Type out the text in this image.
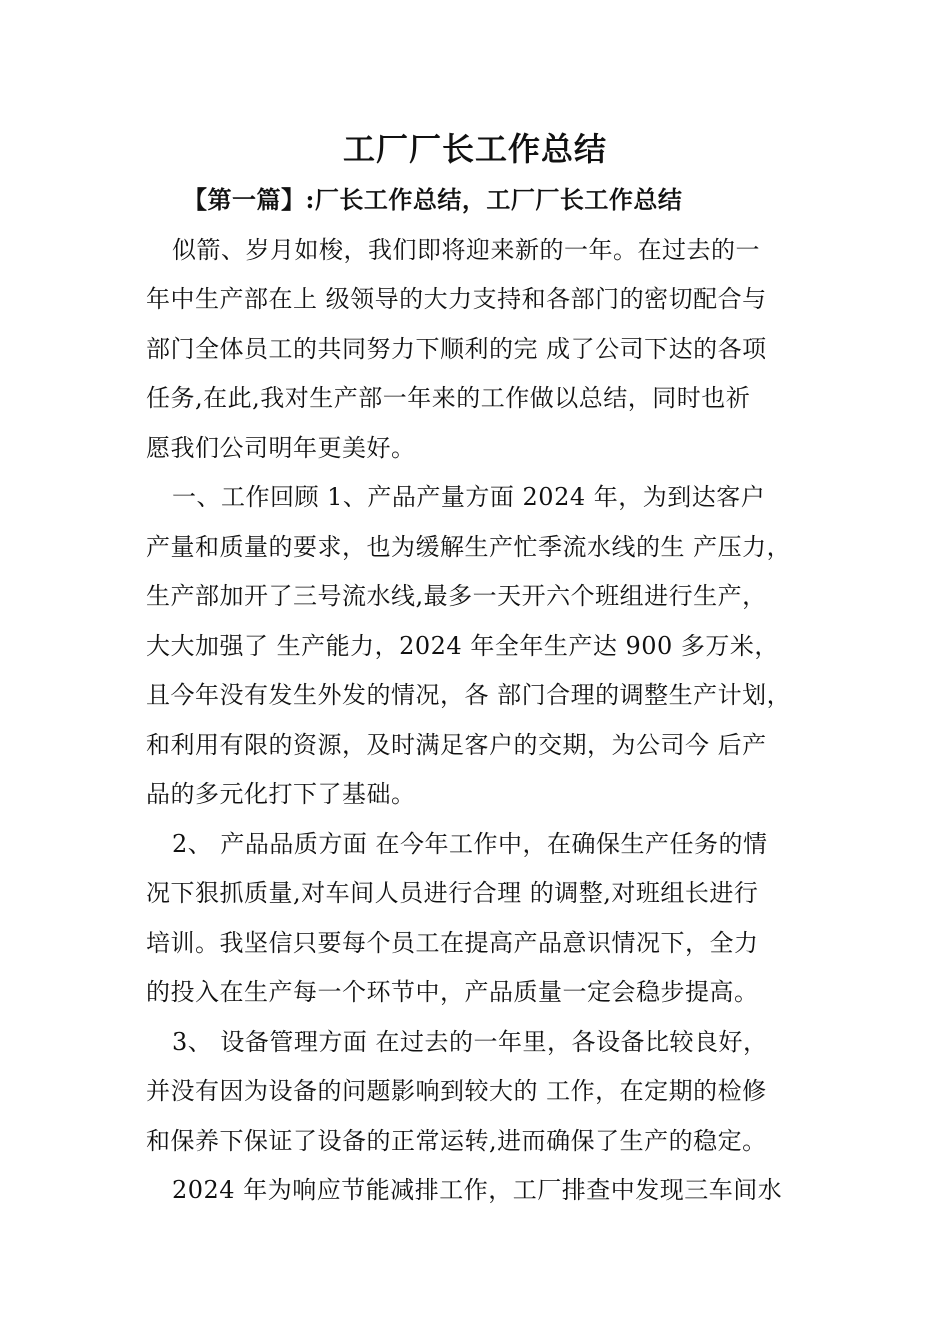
工厂厂长工作总结
【第一篇】:厂长工作总结，工厂厂长工作总结
似箭、岁月如梭，我们即将迎来新的一年。在过去的一
年中生产部在上 级领导的大力支持和各部门的密切配合与
部门全体员工的共同努力下顺利的完 成了公司下达的各项
任务,在此,我对生产部一年来的工作做以总结，同时也祈
愿我们公司明年更美好。
一、工作回顾 1、产品产量方面 2024 年，为到达客户
产量和质量的要求，也为缓解生产忙季流水线的生 产压力，
生产部加开了三号流水线,最多一天开六个班组进行生产，
大大加强了 生产能力，2024 年全年生产达 900 多万米，
且今年没有发生外发的情况，各 部门合理的调整生产计划，
和利用有限的资源，及时满足客户的交期，为公司今 后产
品的多元化打下了基础。
2、 产品品质方面 在今年工作中，在确保生产任务的情
况下狠抓质量,对车间人员进行合理 的调整,对班组长进行
培训。我坚信只要每个员工在提高产品意识情况下，全力
的投入在生产每一个环节中，产品质量一定会稳步提高。
3、 设备管理方面 在过去的一年里，各设备比较良好，
并没有因为设备的问题影响到较大的 工作，在定期的检修
和保养下保证了设备的正常运转,进而确保了生产的稳定。
2024 年为响应节能减排工作，工厂排查中发现三车间水
